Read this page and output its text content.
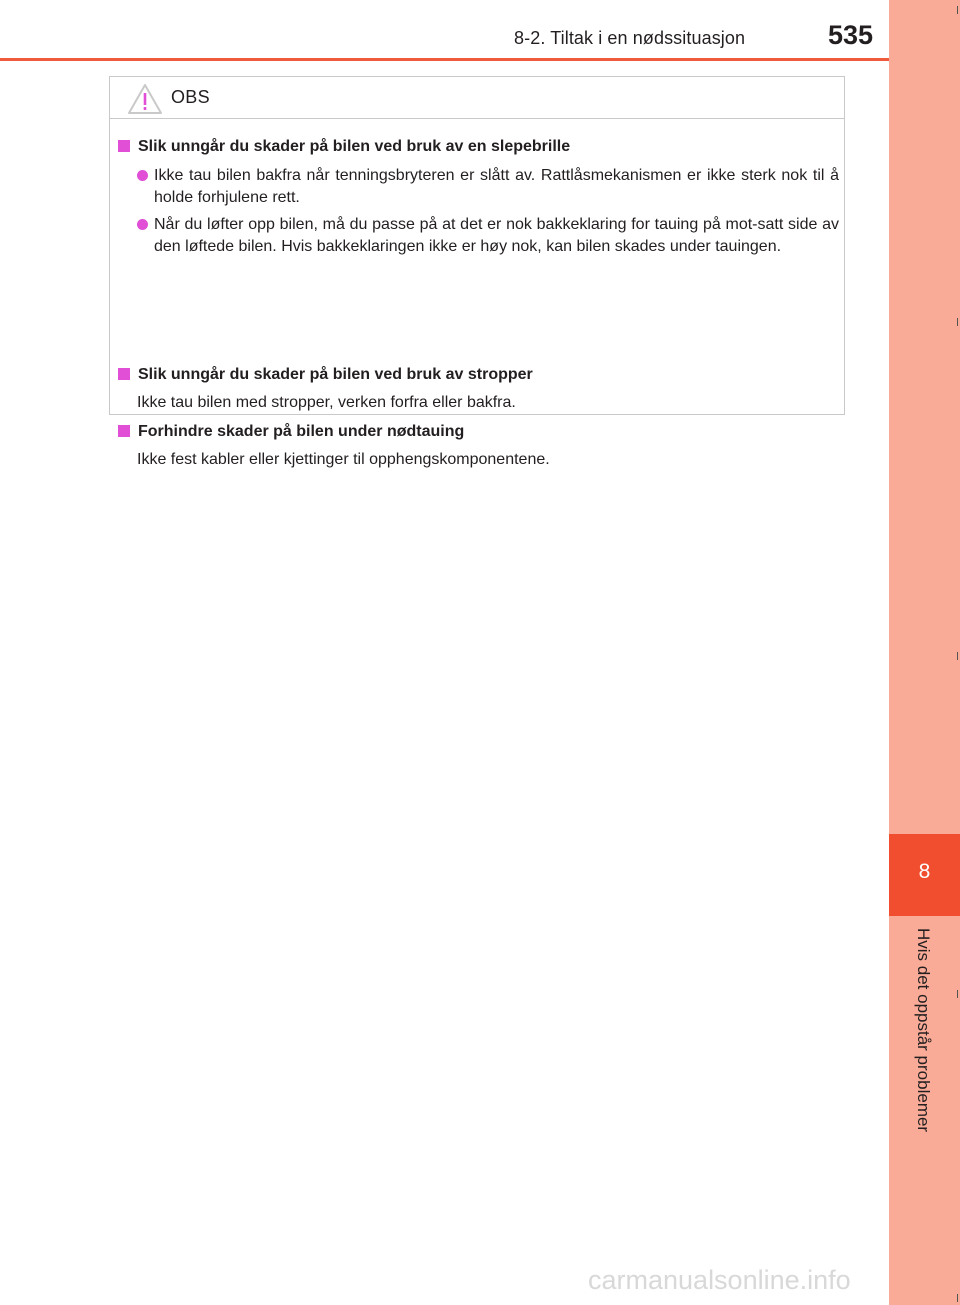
8-2. Tiltak i en nødssituasjon	535
8
Hvis det oppstår problemer
OBS
Slik unngår du skader på bilen ved bruk av en slepebrille
Ikke tau bilen bakfra når tenningsbryteren er slått av. Rattlåsmekanismen er ikke sterk nok til å holde forhjulene rett.
Når du løfter opp bilen, må du passe på at det er nok bakkeklaring for tauing på mot-satt side av den løftede bilen. Hvis bakkeklaringen ikke er høy nok, kan bilen skades under tauingen.
Slik unngår du skader på bilen ved bruk av stropper
Ikke tau bilen med stropper, verken forfra eller bakfra.
Forhindre skader på bilen under nødtauing
Ikke fest kabler eller kjettinger til opphengskomponentene.
carmanualsonline.info
